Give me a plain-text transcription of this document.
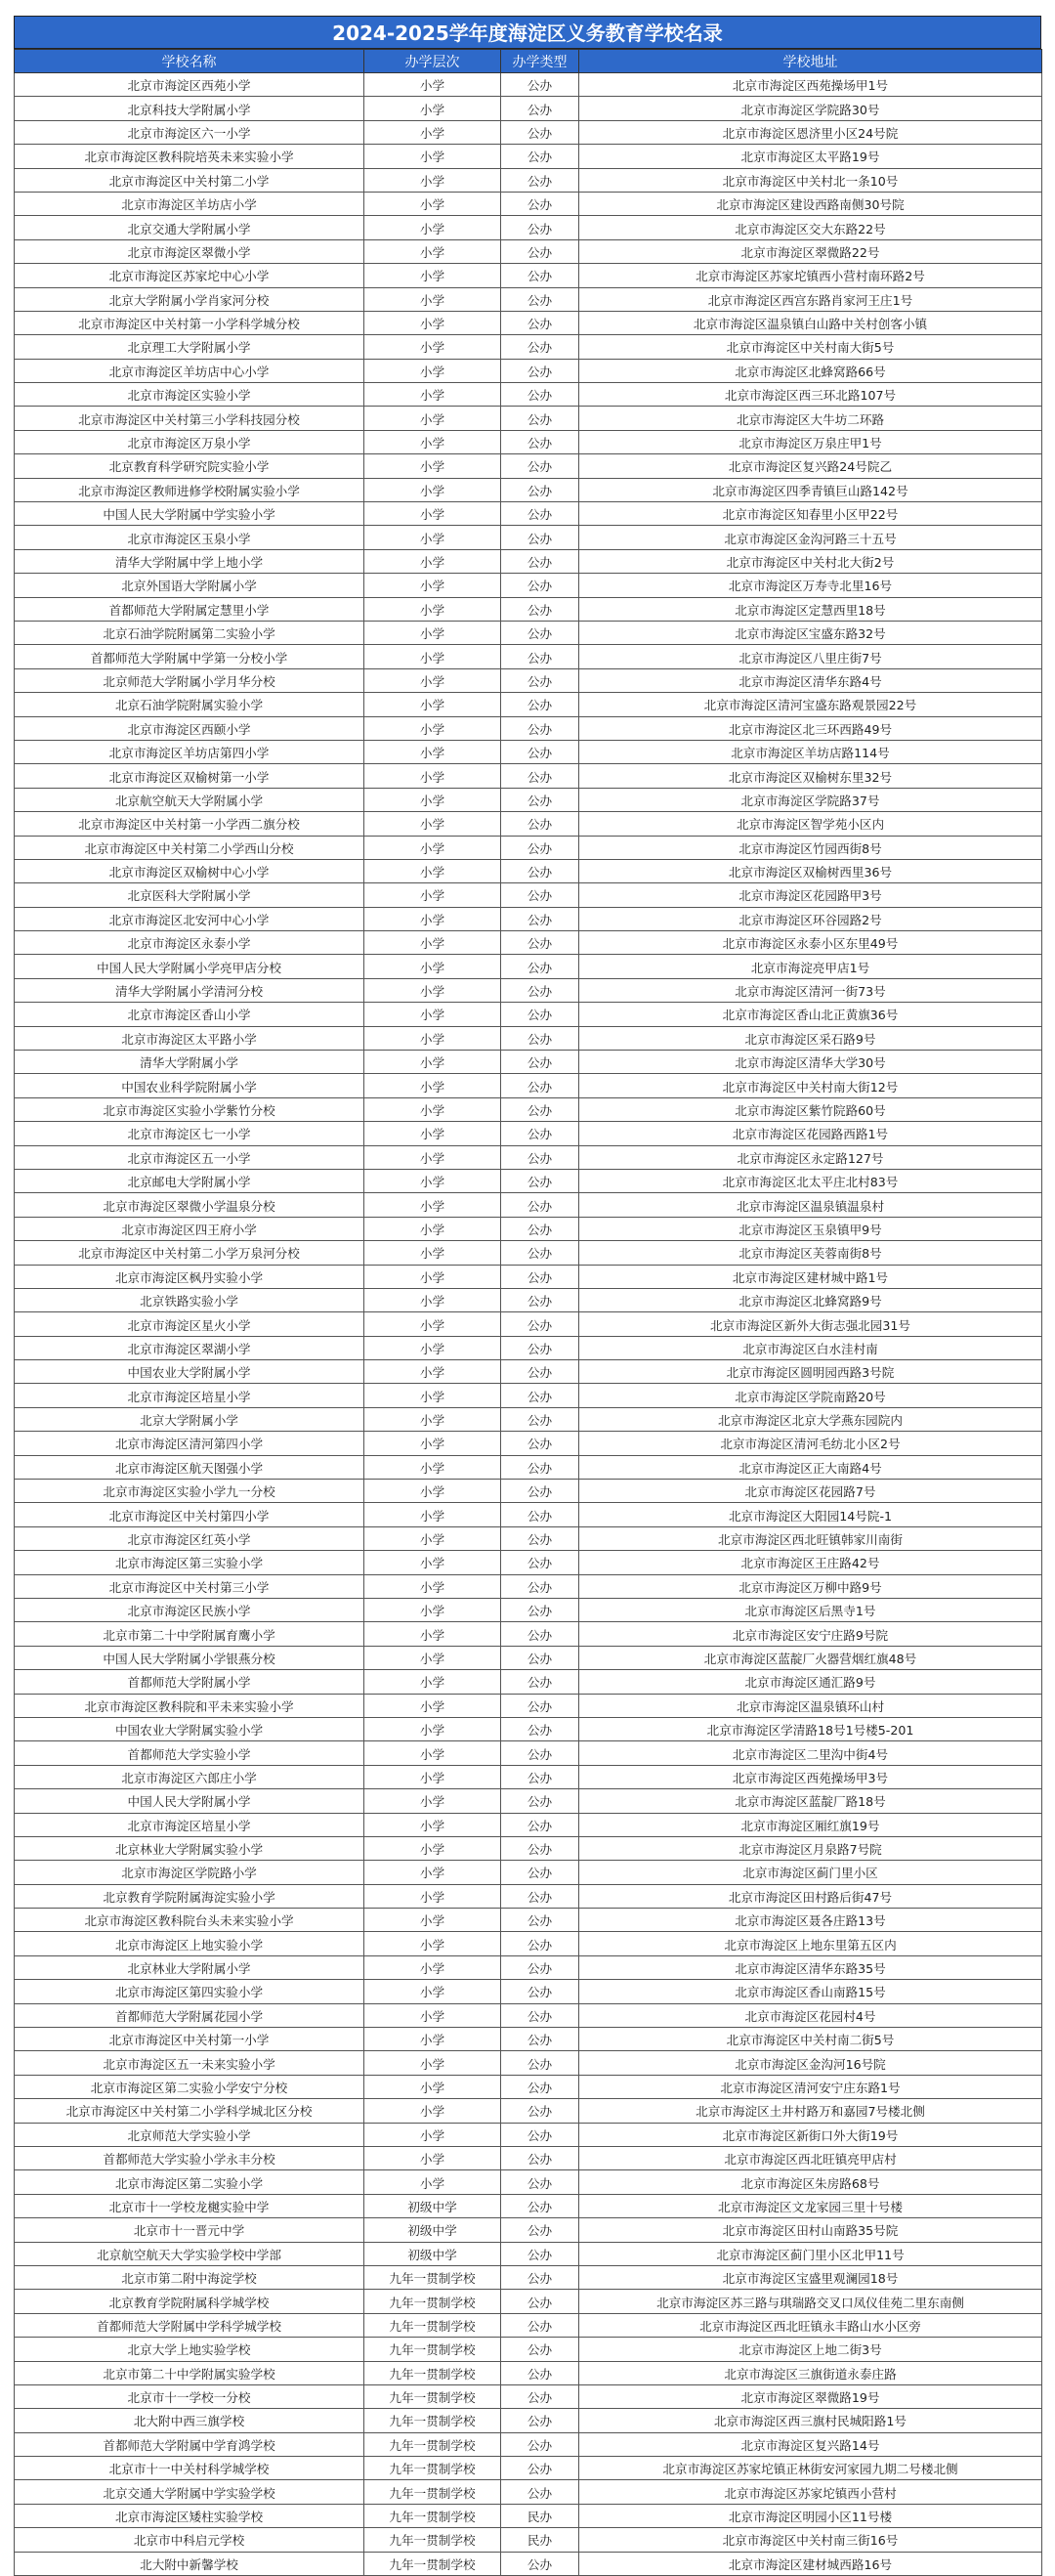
2024-2025学年度海淀区义务教育学校名录
学校名称	办学层次	办学类型	学校地址
北京市海淀区西苑小学	小学	公办	北京市海淀区西苑操场甲1号
北京科技大学附属小学	小学	公办	北京市海淀区学院路30号
北京市海淀区六一小学	小学	公办	北京市海淀区恩济里小区24号院
北京市海淀区教科院培英未来实验小学	小学	公办	北京市海淀区太平路19号
北京市海淀区中关村第二小学	小学	公办	北京市海淀区中关村北一条10号
北京市海淀区羊坊店小学	小学	公办	北京市海淀区建设西路南侧30号院
北京交通大学附属小学	小学	公办	北京市海淀区交大东路22号
北京市海淀区翠微小学	小学	公办	北京市海淀区翠微路22号
北京市海淀区苏家坨中心小学	小学	公办	北京市海淀区苏家坨镇西小营村南环路2号
北京大学附属小学肖家河分校	小学	公办	北京市海淀区西宫东路肖家河王庄1号
北京市海淀区中关村第一小学科学城分校	小学	公办	北京市海淀区温泉镇白山路中关村创客小镇
北京理工大学附属小学	小学	公办	北京市海淀区中关村南大街5号
北京市海淀区羊坊店中心小学	小学	公办	北京市海淀区北蜂窝路66号
北京市海淀区实验小学	小学	公办	北京市海淀区西三环北路107号
北京市海淀区中关村第三小学科技园分校	小学	公办	北京市海淀区大牛坊二环路
北京市海淀区万泉小学	小学	公办	北京市海淀区万泉庄甲1号
北京教育科学研究院实验小学	小学	公办	北京市海淀区复兴路24号院乙
北京市海淀区教师进修学校附属实验小学	小学	公办	北京市海淀区四季青镇巨山路142号
中国人民大学附属中学实验小学	小学	公办	北京市海淀区知春里小区甲22号
北京市海淀区玉泉小学	小学	公办	北京市海淀区金沟河路三十五号
清华大学附属中学上地小学	小学	公办	北京市海淀区中关村北大街2号
北京外国语大学附属小学	小学	公办	北京市海淀区万寿寺北里16号
首都师范大学附属定慧里小学	小学	公办	北京市海淀区定慧西里18号
北京石油学院附属第二实验小学	小学	公办	北京市海淀区宝盛东路32号
首都师范大学附属中学第一分校小学	小学	公办	北京市海淀区八里庄街7号
北京师范大学附属小学月华分校	小学	公办	北京市海淀区清华东路4号
北京石油学院附属实验小学	小学	公办	北京市海淀区清河宝盛东路观景园22号
北京市海淀区西颐小学	小学	公办	北京市海淀区北三环西路49号
北京市海淀区羊坊店第四小学	小学	公办	北京市海淀区羊坊店路114号
北京市海淀区双榆树第一小学	小学	公办	北京市海淀区双榆树东里32号
北京航空航天大学附属小学	小学	公办	北京市海淀区学院路37号
北京市海淀区中关村第一小学西二旗分校	小学	公办	北京市海淀区智学苑小区内
北京市海淀区中关村第二小学西山分校	小学	公办	北京市海淀区竹园西街8号
北京市海淀区双榆树中心小学	小学	公办	北京市海淀区双榆树西里36号
北京医科大学附属小学	小学	公办	北京市海淀区花园路甲3号
北京市海淀区北安河中心小学	小学	公办	北京市海淀区环谷园路2号
北京市海淀区永泰小学	小学	公办	北京市海淀区永泰小区东里49号
中国人民大学附属小学亮甲店分校	小学	公办	北京市海淀亮甲店1号
清华大学附属小学清河分校	小学	公办	北京市海淀区清河一街73号
北京市海淀区香山小学	小学	公办	北京市海淀区香山北正黄旗36号
北京市海淀区太平路小学	小学	公办	北京市海淀区采石路9号
清华大学附属小学	小学	公办	北京市海淀区清华大学30号
中国农业科学院附属小学	小学	公办	北京市海淀区中关村南大街12号
北京市海淀区实验小学紫竹分校	小学	公办	北京市海淀区紫竹院路60号
北京市海淀区七一小学	小学	公办	北京市海淀区花园路西路1号
北京市海淀区五一小学	小学	公办	北京市海淀区永定路127号
北京邮电大学附属小学	小学	公办	北京市海淀区北太平庄北村83号
北京市海淀区翠微小学温泉分校	小学	公办	北京市海淀区温泉镇温泉村
北京市海淀区四王府小学	小学	公办	北京市海淀区玉泉镇甲9号
北京市海淀区中关村第二小学万泉河分校	小学	公办	北京市海淀区芙蓉南街8号
北京市海淀区枫丹实验小学	小学	公办	北京市海淀区建材城中路1号
北京铁路实验小学	小学	公办	北京市海淀区北蜂窝路9号
北京市海淀区星火小学	小学	公办	北京市海淀区新外大街志强北园31号
北京市海淀区翠湖小学	小学	公办	北京市海淀区白水洼村南
中国农业大学附属小学	小学	公办	北京市海淀区圆明园西路3号院
北京市海淀区培星小学	小学	公办	北京市海淀区学院南路20号
北京大学附属小学	小学	公办	北京市海淀区北京大学燕东园院内
北京市海淀区清河第四小学	小学	公办	北京市海淀区清河毛纺北小区2号
北京市海淀区航天图强小学	小学	公办	北京市海淀区正大南路4号
北京市海淀区实验小学九一分校	小学	公办	北京市海淀区花园路7号
北京市海淀区中关村第四小学	小学	公办	北京市海淀区大阳园14号院-1
北京市海淀区红英小学	小学	公办	北京市海淀区西北旺镇韩家川南街
北京市海淀区第三实验小学	小学	公办	北京市海淀区王庄路42号
北京市海淀区中关村第三小学	小学	公办	北京市海淀区万柳中路9号
北京市海淀区民族小学	小学	公办	北京市海淀区后黑寺1号
北京市第二十中学附属育鹰小学	小学	公办	北京市海淀区安宁庄路9号院
中国人民大学附属小学银燕分校	小学	公办	北京市海淀区蓝靛厂火器营烟红旗48号
首都师范大学附属小学	小学	公办	北京市海淀区通汇路9号
北京市海淀区教科院和平未来实验小学	小学	公办	北京市海淀区温泉镇环山村
中国农业大学附属实验小学	小学	公办	北京市海淀区学清路18号1号楼5-201
首都师范大学实验小学	小学	公办	北京市海淀区二里沟中街4号
北京市海淀区六郎庄小学	小学	公办	北京市海淀区西苑操场甲3号
中国人民大学附属小学	小学	公办	北京市海淀区蓝靛厂路18号
北京市海淀区培星小学	小学	公办	北京市海淀区厢红旗19号
北京林业大学附属实验小学	小学	公办	北京市海淀区月泉路7号院
北京市海淀区学院路小学	小学	公办	北京市海淀区蓟门里小区
北京教育学院附属海淀实验小学	小学	公办	北京市海淀区田村路后街47号
北京市海淀区教科院台头未来实验小学	小学	公办	北京市海淀区聂各庄路13号
北京市海淀区上地实验小学	小学	公办	北京市海淀区上地东里第五区内
北京林业大学附属小学	小学	公办	北京市海淀区清华东路35号
北京市海淀区第四实验小学	小学	公办	北京市海淀区香山南路15号
首都师范大学附属花园小学	小学	公办	北京市海淀区花园村4号
北京市海淀区中关村第一小学	小学	公办	北京市海淀区中关村南二街5号
北京市海淀区五一未来实验小学	小学	公办	北京市海淀区金沟河16号院
北京市海淀区第二实验小学安宁分校	小学	公办	北京市海淀区清河安宁庄东路1号
北京市海淀区中关村第二小学科学城北区分校	小学	公办	北京市海淀区土井村路万和嘉园7号楼北侧
北京师范大学实验小学	小学	公办	北京市海淀区新街口外大街19号
首都师范大学实验小学永丰分校	小学	公办	北京市海淀区西北旺镇亮甲店村
北京市海淀区第二实验小学	小学	公办	北京市海淀区朱房路68号
北京市十一学校龙樾实验中学	初级中学	公办	北京市海淀区文龙家园三里十号楼
北京市十一晋元中学	初级中学	公办	北京市海淀区田村山南路35号院
北京航空航天大学实验学校中学部	初级中学	公办	北京市海淀区蓟门里小区北甲11号
北京市第二附中海淀学校	九年一贯制学校	公办	北京市海淀区宝盛里观澜园18号
北京教育学院附属科学城学校	九年一贯制学校	公办	北京市海淀区苏三路与琪瑞路交叉口凤仪佳苑二里东南侧
首都师范大学附属中学科学城学校	九年一贯制学校	公办	北京市海淀区西北旺镇永丰路山水小区旁
北京大学上地实验学校	九年一贯制学校	公办	北京市海淀区上地二街3号
北京市第二十中学附属实验学校	九年一贯制学校	公办	北京市海淀区三旗街道永泰庄路
北京市十一学校一分校	九年一贯制学校	公办	北京市海淀区翠微路19号
北大附中西三旗学校	九年一贯制学校	公办	北京市海淀区西三旗村民城阳路1号
首都师范大学附属中学育鸿学校	九年一贯制学校	公办	北京市海淀区复兴路14号
北京市十一中关村科学城学校	九年一贯制学校	公办	北京市海淀区苏家坨镇正林街安河家园九期二号楼北侧
北京交通大学附属中学实验学校	九年一贯制学校	公办	北京市海淀区苏家坨镇西小营村
北京市海淀区矮柱实验学校	九年一贯制学校	民办	北京市海淀区明园小区11号楼
北京市中科启元学校	九年一贯制学校	民办	北京市海淀区中关村南三街16号
北大附中新馨学校	九年一贯制学校	公办	北京市海淀区建材城西路16号
